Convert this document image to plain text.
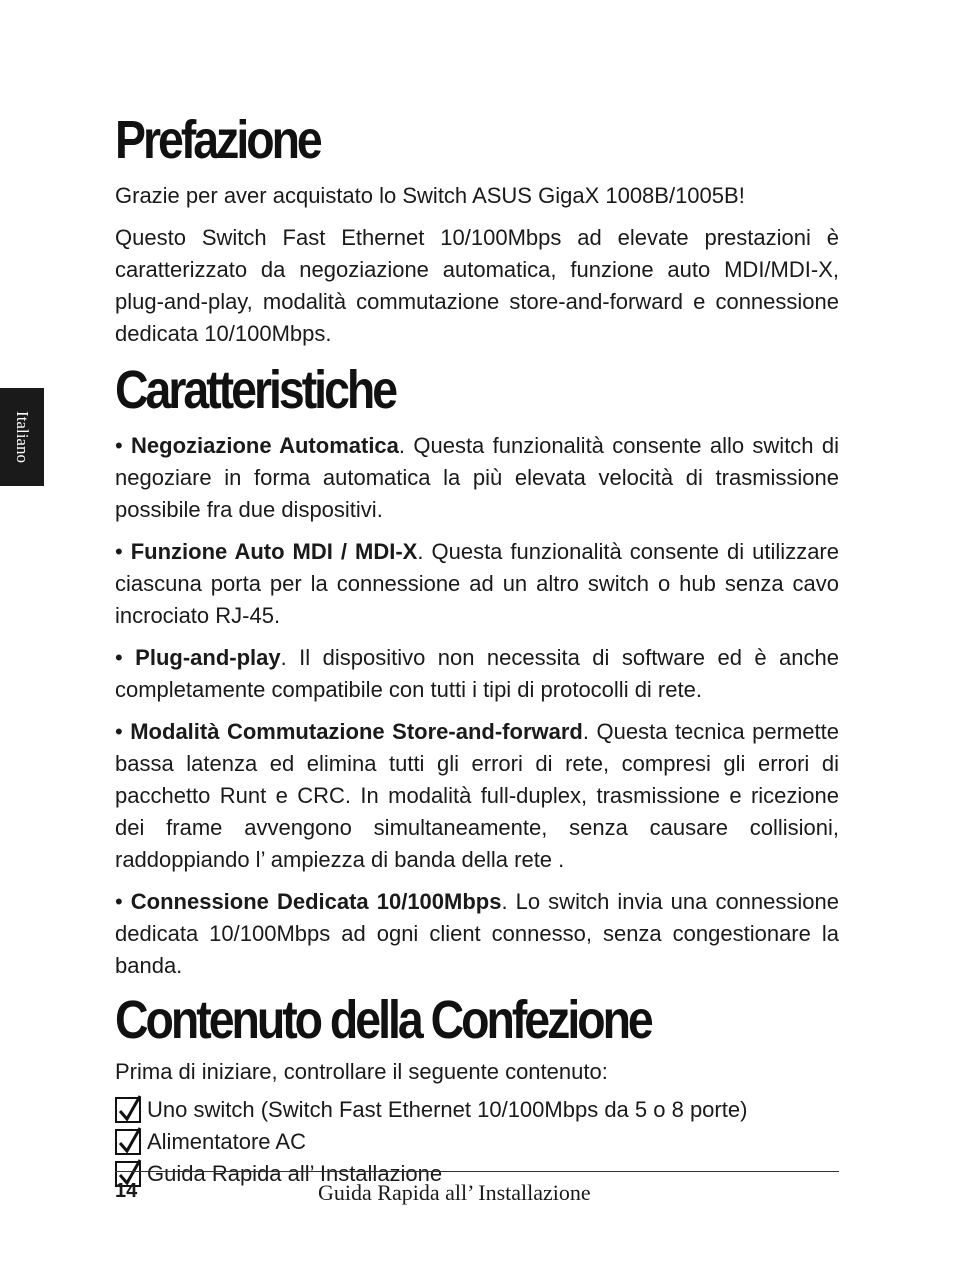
Italiano
Prefazione

Grazie per aver acquistato lo Switch ASUS GigaX 1008B/1005B!

Questo Switch Fast Ethernet 10/100Mbps ad elevate prestazioni è caratterizzato da negoziazione automatica, funzione auto MDI/MDI-X, plug-and-play, modalità commutazione store-and-forward e connessione dedicata 10/100Mbps.

Caratteristiche

• Negoziazione Automatica. Questa funzionalità consente allo switch di negoziare in forma automatica la più elevata velocità di trasmissione possibile fra due dispositivi.

• Funzione Auto MDI / MDI-X. Questa funzionalità consente di utilizzare ciascuna porta per la connessione ad un altro switch o hub senza cavo incrociato RJ-45.

• Plug-and-play. Il dispositivo non necessita di software ed è anche completamente compatibile con tutti i tipi di protocolli di rete.

• Modalità Commutazione Store-and-forward. Questa tecnica permette bassa latenza ed elimina tutti gli errori di rete, compresi gli errori di pacchetto Runt e CRC. In modalità full-duplex, trasmissione e ricezione dei frame avvengono simultaneamente, senza causare collisioni, raddoppiando l’ ampiezza di banda della rete .

• Connessione Dedicata 10/100Mbps. Lo switch invia una connessione dedicata 10/100Mbps ad ogni client connesso, senza congestionare la banda.

Contenuto della Confezione

Prima di iniziare, controllare il seguente contenuto:

Uno switch (Switch Fast Ethernet 10/100Mbps da 5 o 8 porte)
Alimentatore AC
Guida Rapida all’ Installazione
14	Guida Rapida all’ Installazione
